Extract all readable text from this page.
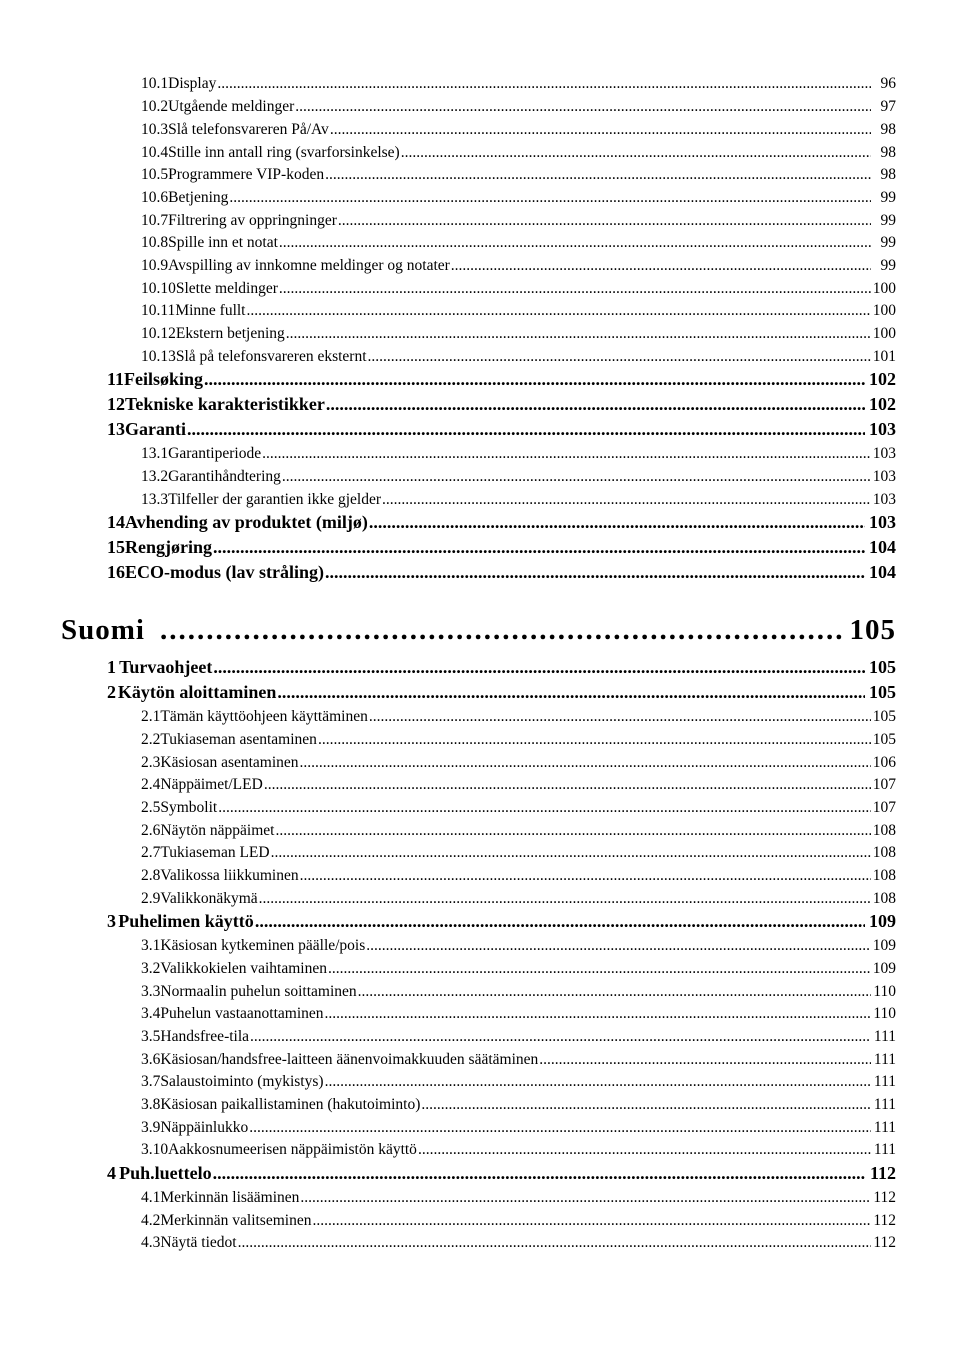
10.1 Display .....	96
10.2 Utgående meldinger .....	97
10.3 Slå telefonsvareren På/Av .....	98
10.4 Stille inn antall ring (svarforsinkelse) .....	98
10.5 Programmere VIP-koden .....	98
10.6 Betjening .....	99
10.7 Filtrering av oppringninger .....	99
10.8 Spille inn et notat .....	99
10.9 Avspilling av innkomne meldinger og notater .....	99
10.10 Slette meldinger .....	100
10.11 Minne fullt .....	100
10.12 Ekstern betjening .....	100
10.13 Slå på telefonsvareren eksternt .....	101
11 Feilsøking .....	102
12 Tekniske karakteristikker .....	102
13 Garanti .....	103
13.1 Garantiperiode .....	103
13.2 Garantihåndtering .....	103
13.3 Tilfeller der garantien ikke gjelder .....	103
14 Avhending av produktet (miljø) .....	103
15 Rengjøring .....	104
16 ECO-modus (lav stråling) .....	104
Suomi .....	105
1 Turvaohjeet .....	105
2 Käytön aloittaminen .....	105
2.1 Tämän käyttöohjeen käyttäminen .....	105
2.2 Tukiaseman asentaminen .....	105
2.3 Käsiosan asentaminen .....	106
2.4 Näppäimet/LED .....	107
2.5 Symbolit .....	107
2.6 Näytön näppäimet .....	108
2.7 Tukiaseman LED .....	108
2.8 Valikossa liikkuminen .....	108
2.9 Valikkonäkymä .....	108
3 Puhelimen käyttö .....	109
3.1 Käsiosan kytkeminen päälle/pois .....	109
3.2 Valikkokielen vaihtaminen .....	109
3.3 Normaalin puhelun soittaminen .....	110
3.4 Puhelun vastaanottaminen .....	110
3.5 Handsfree-tila .....	111
3.6 Käsiosan/handsfree-laitteen äänenvoimakkuuden säätäminen .....	111
3.7 Salaustoiminto (mykistys) .....	111
3.8 Käsiosan paikallistaminen (hakutoiminto) .....	111
3.9 Näppäinlukko .....	111
3.10 Aakkosnumeerisen näppäimistön käyttö .....	111
4 Puh.luettelo .....	112
4.1 Merkinnän lisääminen .....	112
4.2 Merkinnän valitseminen .....	112
4.3 Näytä tiedot .....	112
